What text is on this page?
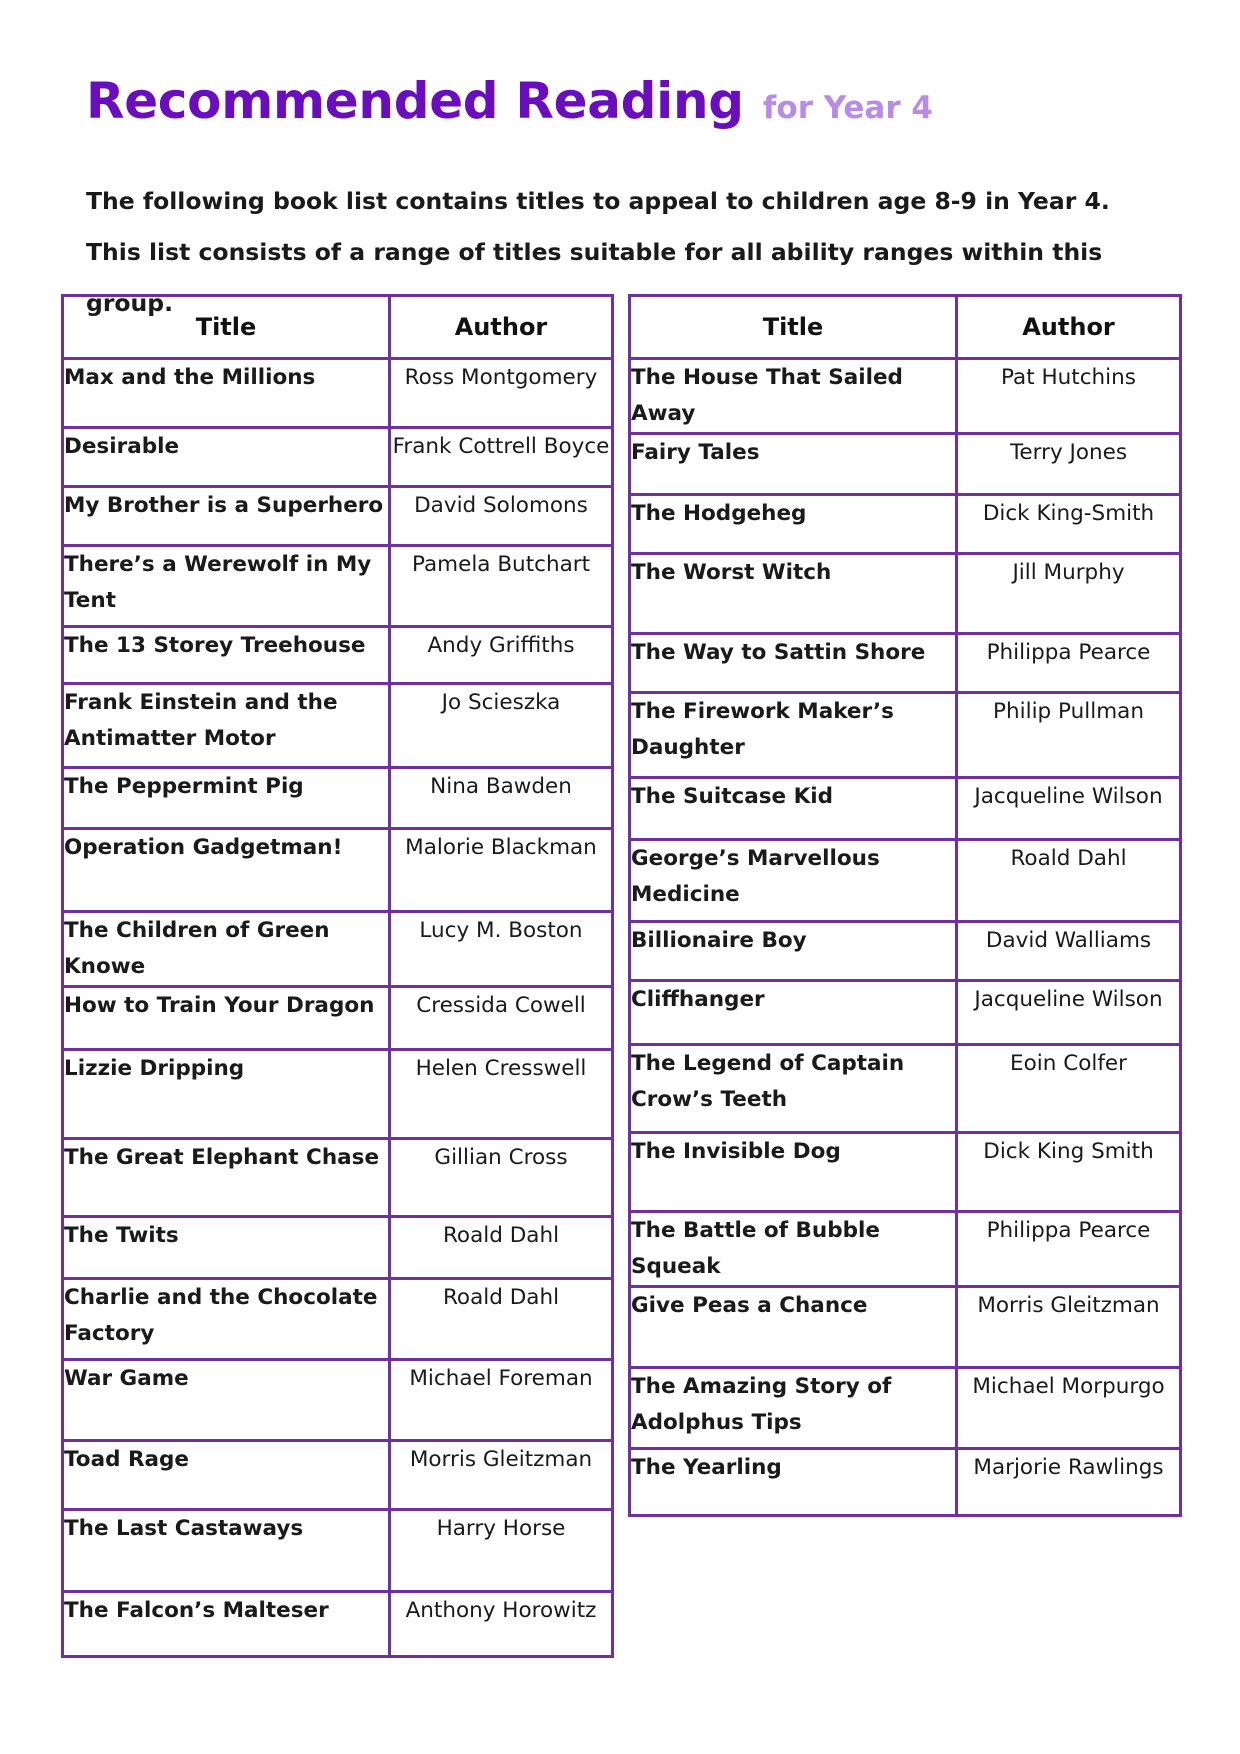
Recommended Reading for Year 4

The following book list contains titles to appeal to children age 8-9 in Year 4. This list consists of a range of titles suitable for all ability ranges within this group.

Title	Author
Max and the Millions	Ross Montgomery
Desirable	Frank Cottrell Boyce
My Brother is a Superhero	David Solomons
There’s a Werewolf in My Tent	Pamela Butchart
The 13 Storey Treehouse	Andy Griffiths
Frank Einstein and the Antimatter Motor	Jo Scieszka
The Peppermint Pig	Nina Bawden
Operation Gadgetman!	Malorie Blackman
The Children of Green Knowe	Lucy M. Boston
How to Train Your Dragon	Cressida Cowell
Lizzie Dripping	Helen Cresswell
The Great Elephant Chase	Gillian Cross
The Twits	Roald Dahl
Charlie and the Chocolate Factory	Roald Dahl
War Game	Michael Foreman
Toad Rage	Morris Gleitzman
The Last Castaways	Harry Horse
The Falcon’s Malteser	Anthony Horowitz
Title	Author
The House That Sailed Away	Pat Hutchins
Fairy Tales	Terry Jones
The Hodgeheg	Dick King-Smith
The Worst Witch	Jill Murphy
The Way to Sattin Shore	Philippa Pearce
The Firework Maker’s Daughter	Philip Pullman
The Suitcase Kid	Jacqueline Wilson
George’s Marvellous Medicine	Roald Dahl
Billionaire Boy	David Walliams
Cliffhanger	Jacqueline Wilson
The Legend of Captain Crow’s Teeth	Eoin Colfer
The Invisible Dog	Dick King Smith
The Battle of Bubble Squeak	Philippa Pearce
Give Peas a Chance	Morris Gleitzman
The Amazing Story of Adolphus Tips	Michael Morpurgo
The Yearling	Marjorie Rawlings
